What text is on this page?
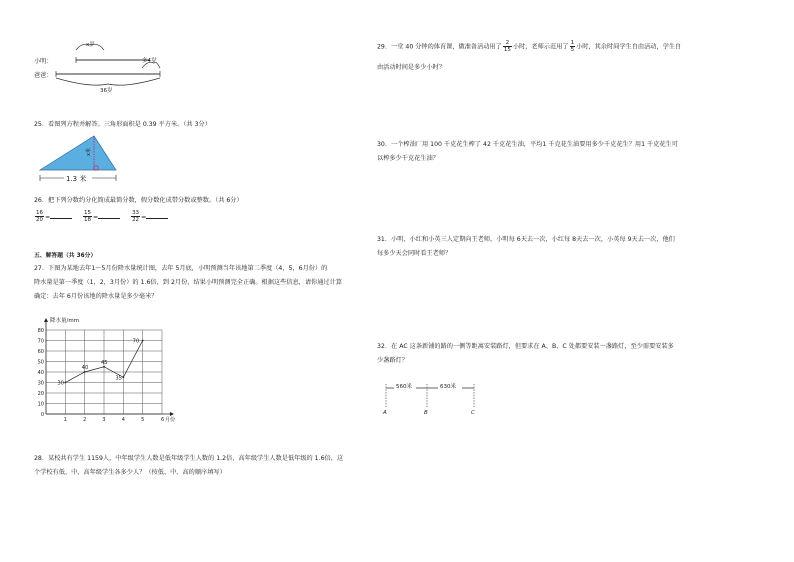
小明：
爸爸：
x岁
多4岁
36岁
25．看图列方程并解答。三角形面积是 0.39 平方米。（共 3分）
x米
1.3 米
26．把下列分数约分化简成最简分数，假分数化成带分数或整数。（共 6分）
$\frac{16}{20}$ =	$\frac{15}{18}$ =	$\frac{33}{22}$ =
五、解答题（共 36分）
27．下图为某地去年1～5月份降水量统计图，去年 5月底，小明预测当年该地第二季度（4，5，6月份）的
降水量是第一季度（1，2，3月份）的 1.6倍，到 2月份，结果小明预测完全正确。根据这些信息，请你通过计算
确定：去年 6月份该地的降水量是多少毫米？
0
10
20
30
40
50
60
70
80
降水量/mm
1	2	3	4	5	6 月份
30
40
45
35
70
28．某校共有学生 1159人，中年级学生人数是低年级学生人数的 1.2倍，高年级学生人数是低年级的 1.6倍，这
个学校有低、中、高年级学生各多少人？（按低、中、高的顺序填写）
29．一堂 40 分钟的体育课，做准备活动用了 $\frac{2}{15}$ 小时，老师示范用了 $\frac{1}{5}$ 小时，其余时间学生自由活动，学生自
由活动时间是多少小时？
30．一个榨油厂用 100 千克花生榨了 42 千克花生油，平均1 千克花生油要用多少千克花生？用1 千克花生可
以榨多少千克花生油？
31．小明、小红和小英三人定期向王老师，小明每 6天去一次，小红每 8天去一次，小英每 9天去一次，他们
每多少天会同时看王老师？
32．在 AC 这条新铺的路的一侧等距离安装路灯，但要求在 A、B、C 处都要安装一盏路灯，至少需要安装多
少盏路灯？
560米	630米
A	B	C
